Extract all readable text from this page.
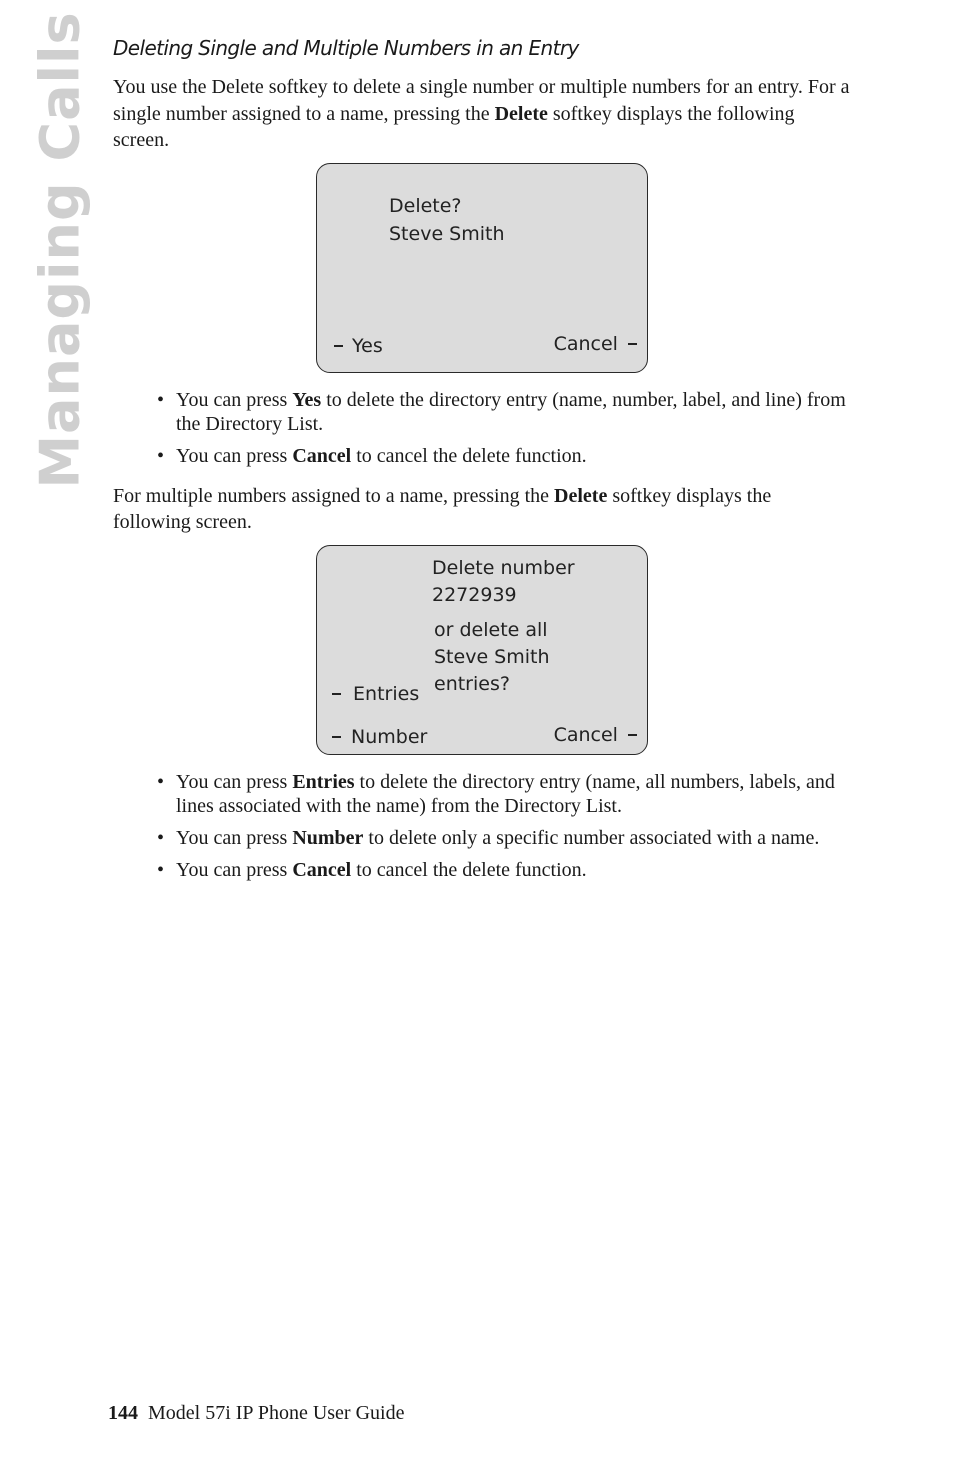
Managing Calls Deleting Single and Multiple Numbers in an Entry

You use the Delete softkey to delete a single number or multiple numbers for an entry. For a single number assigned to a name, pressing the Delete softkey displays the following screen.

Delete?
Steve Smith
Yes	Cancel
• You can press Yes to delete the directory entry (name, number, label, and line) from the Directory List.
• You can press Cancel to cancel the delete function.

For multiple numbers assigned to a name, pressing the Delete softkey displays the following screen.

Delete number
2272939
or delete all
Steve Smith
entries?
Entries
Number	Cancel
• You can press Entries to delete the directory entry (name, all numbers, labels, and lines associated with the name) from the Directory List.
• You can press Number to delete only a specific number associated with a name.
• You can press Cancel to cancel the delete function.
144 Model 57i IP Phone User Guide
